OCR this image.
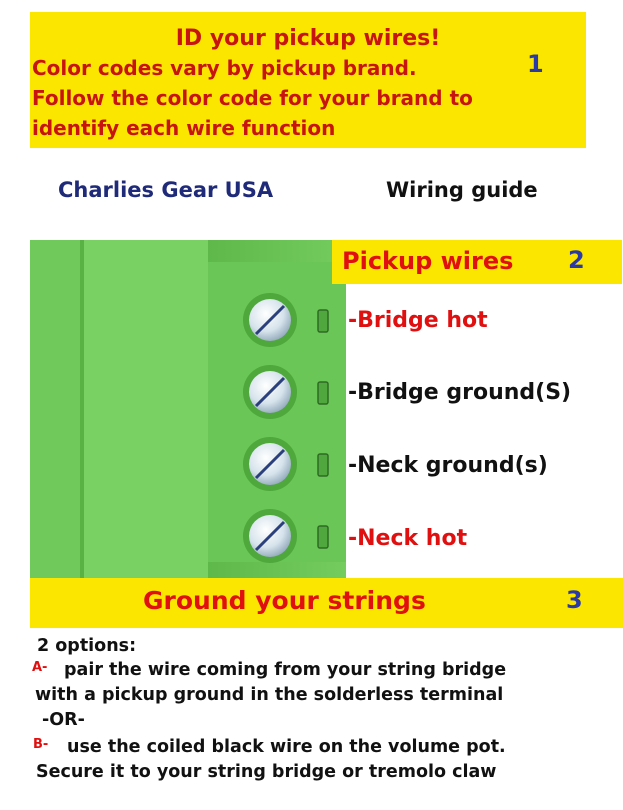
ID your pickup wires!
Color codes vary by pickup brand.
Follow the color code for your brand to
identify each wire function
1
Charlies Gear USA	Wiring guide
Pickup wires 2
-Bridge hot
-Bridge ground(S)
-Neck ground(s)
-Neck hot
Ground your strings	3
2 options:
A- pair the wire coming from your string bridge
with a pickup ground in the solderless terminal
-OR-
B- use the coiled black wire on the volume pot.
Secure it to your string bridge or tremolo claw
